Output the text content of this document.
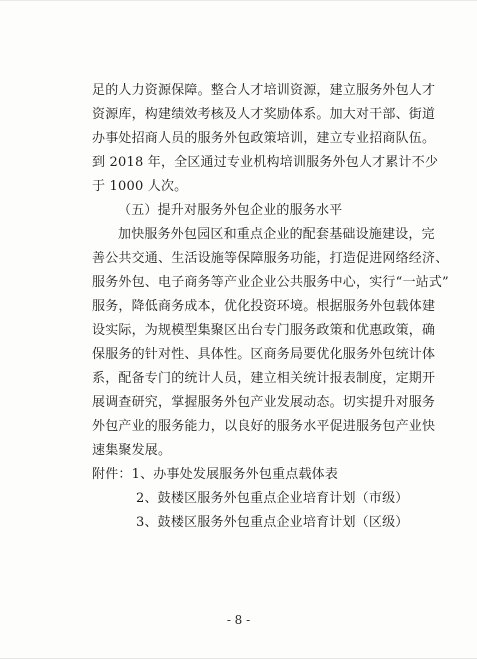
足的人力资源保障。整合人才培训资源，建立服务外包人才
资源库，构建绩效考核及人才奖励体系。加大对干部、街道
办事处招商人员的服务外包政策培训，建立专业招商队伍。
到 2018 年，全区通过专业机构培训服务外包人才累计不少
于 1000 人次。
（五）提升对服务外包企业的服务水平
加快服务外包园区和重点企业的配套基础设施建设，完
善公共交通、生活设施等保障服务功能，打造促进网络经济、
服务外包、电子商务等产业企业公共服务中心，实行“一站式”
服务，降低商务成本，优化投资环境。根据服务外包载体建
设实际，为规模型集聚区出台专门服务政策和优惠政策，确
保服务的针对性、具体性。区商务局要优化服务外包统计体
系，配备专门的统计人员，建立相关统计报表制度，定期开
展调查研究，掌握服务外包产业发展动态。切实提升对服务
外包产业的服务能力，以良好的服务水平促进服务包产业快
速集聚发展。
附件：1、办事处发展服务外包重点载体表
2、鼓楼区服务外包重点企业培育计划（市级）
3、鼓楼区服务外包重点企业培育计划（区级）
- 8 -
